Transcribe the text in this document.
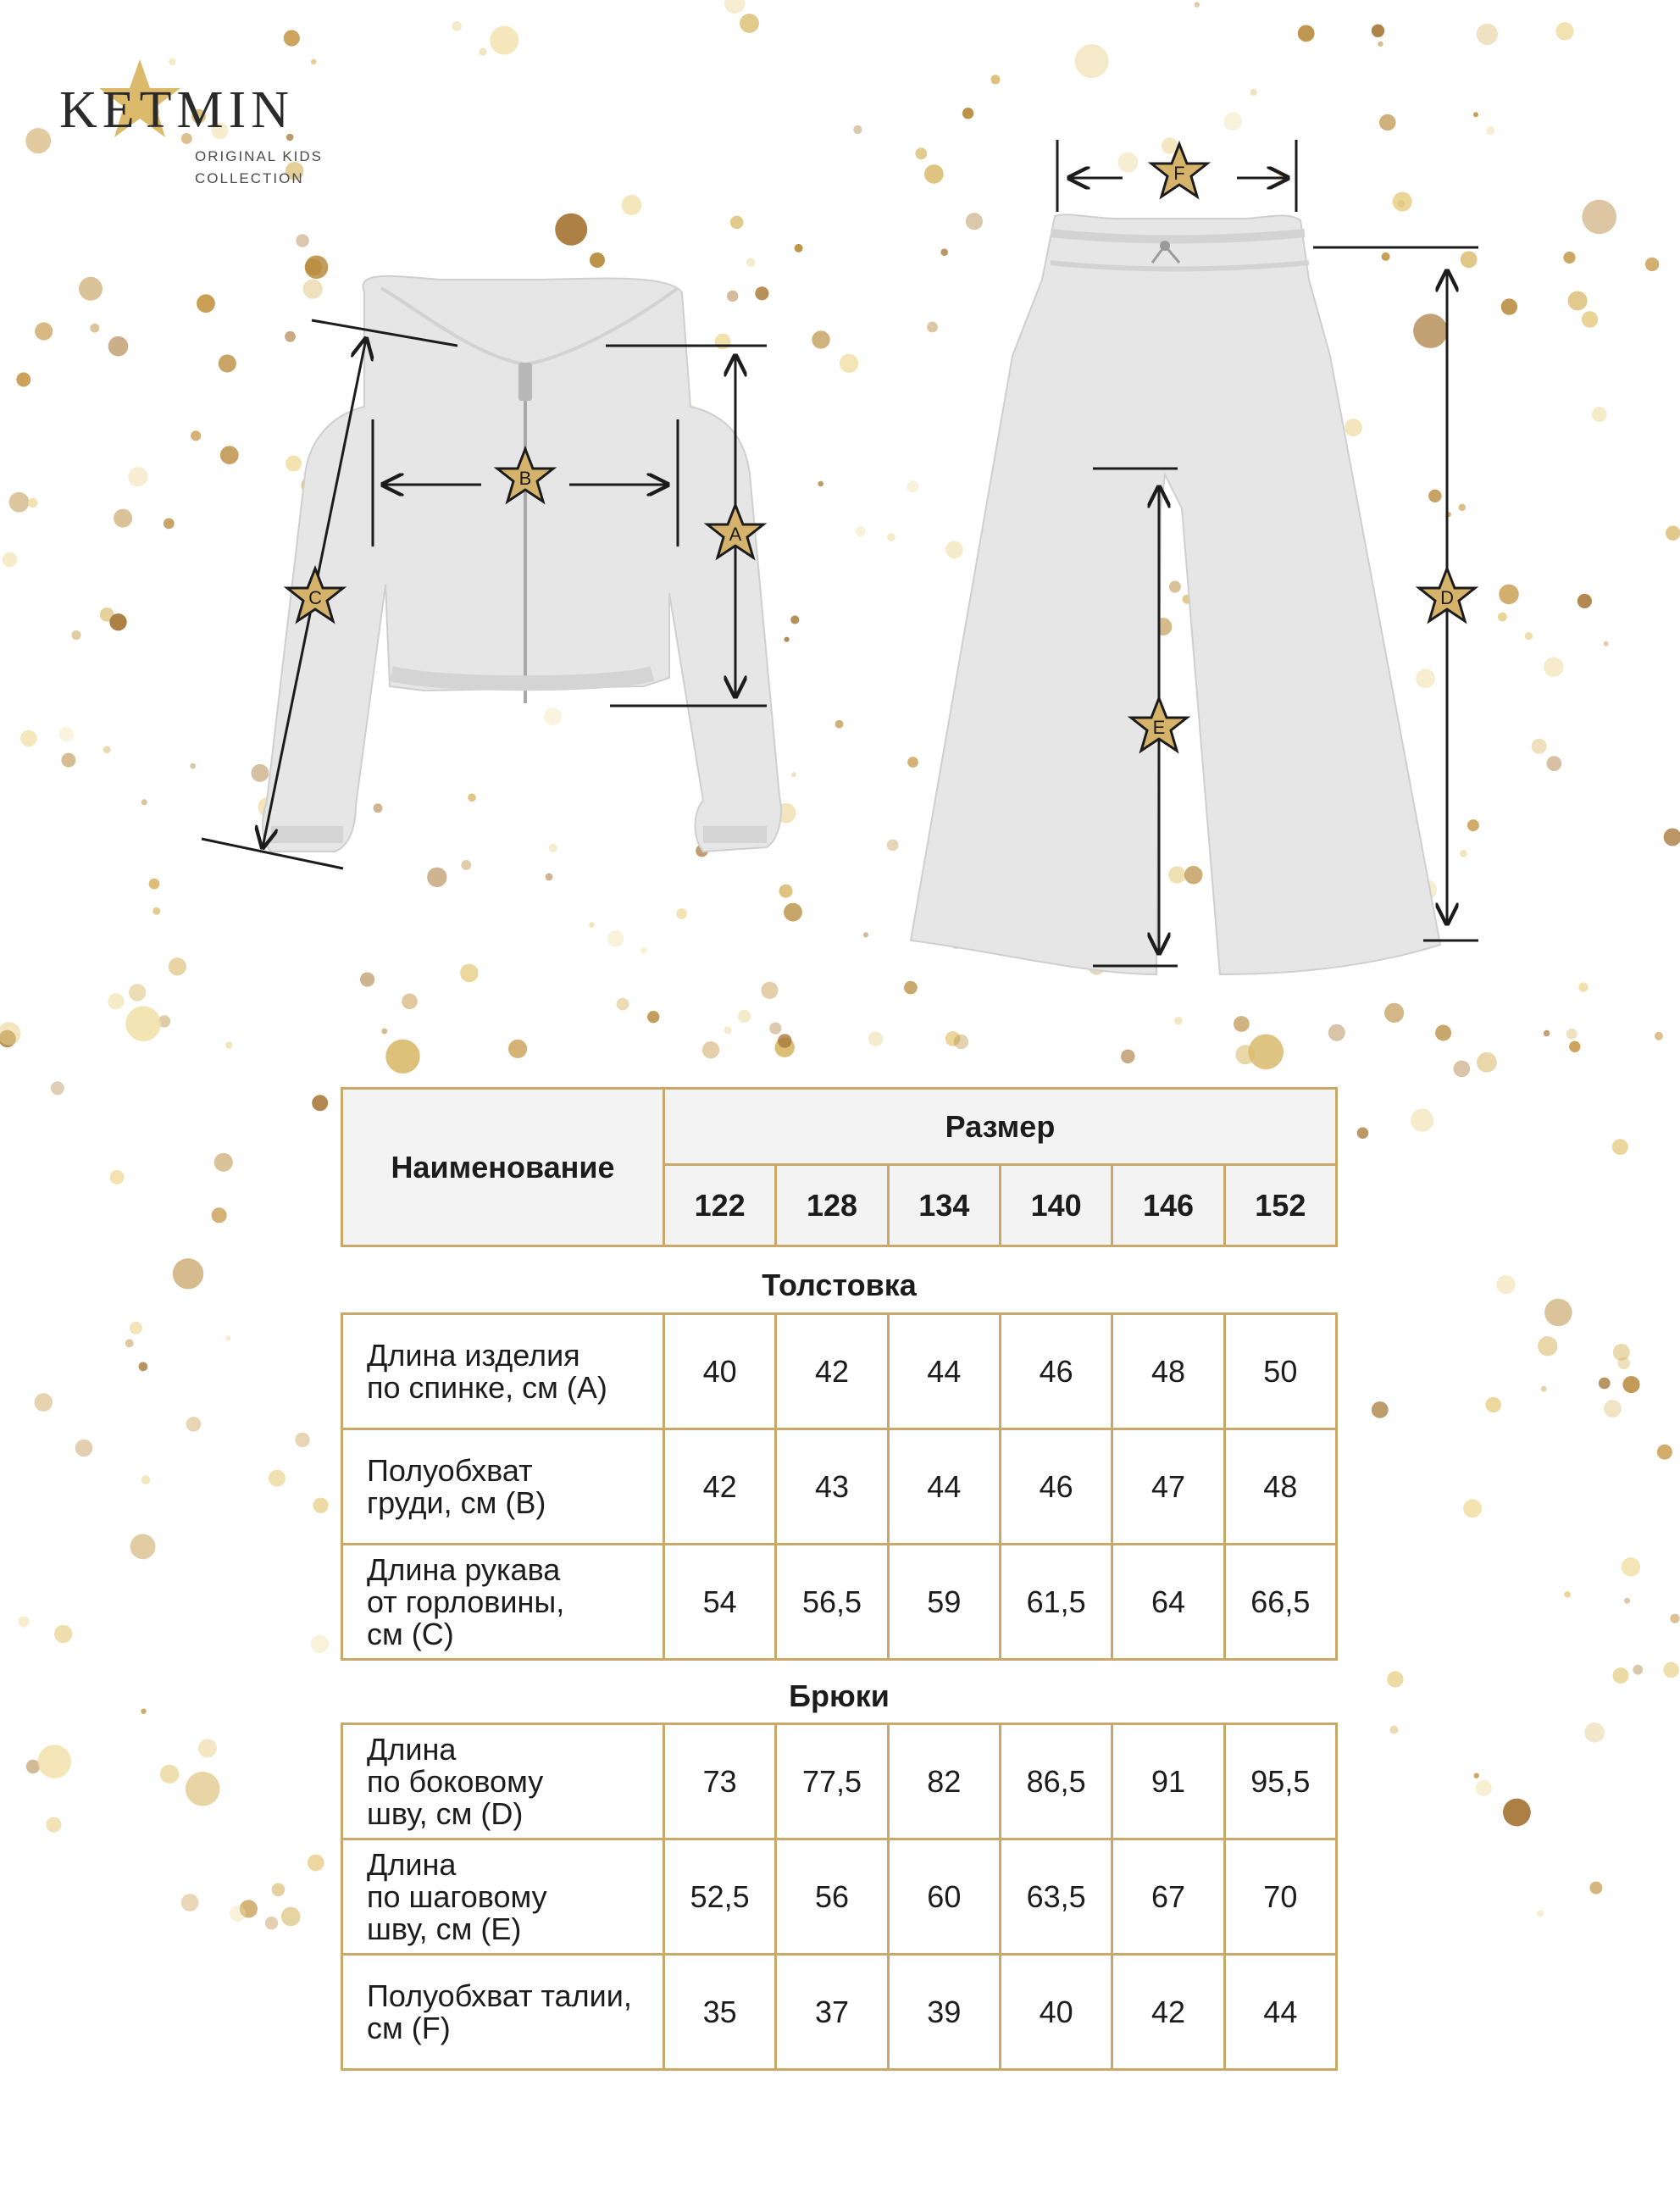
KETMIN
ORIGINAL KIDS
COLLECTION
A
B
C	D
E
F
Наименование	Размер					
	122	128	134	140	146	152
Толстовка
Длина изделия
по спинке, см (A)	40	42	44	46	48	50

Полуобхват
груди, см (B)	42	43	44	46	47	48

Длина рукава
от горловины,
см (С)	54	56,5	59	61,5	64	66,5
Брюки
Длина
по боковому
шву, см (D)	73	77,5	82	86,5	91	95,5

Длина
по шаговому
шву, см (E)	52,5	56	60	63,5	67	70

Полуобхват талии,
см (F)	35	37	39	40	42	44
